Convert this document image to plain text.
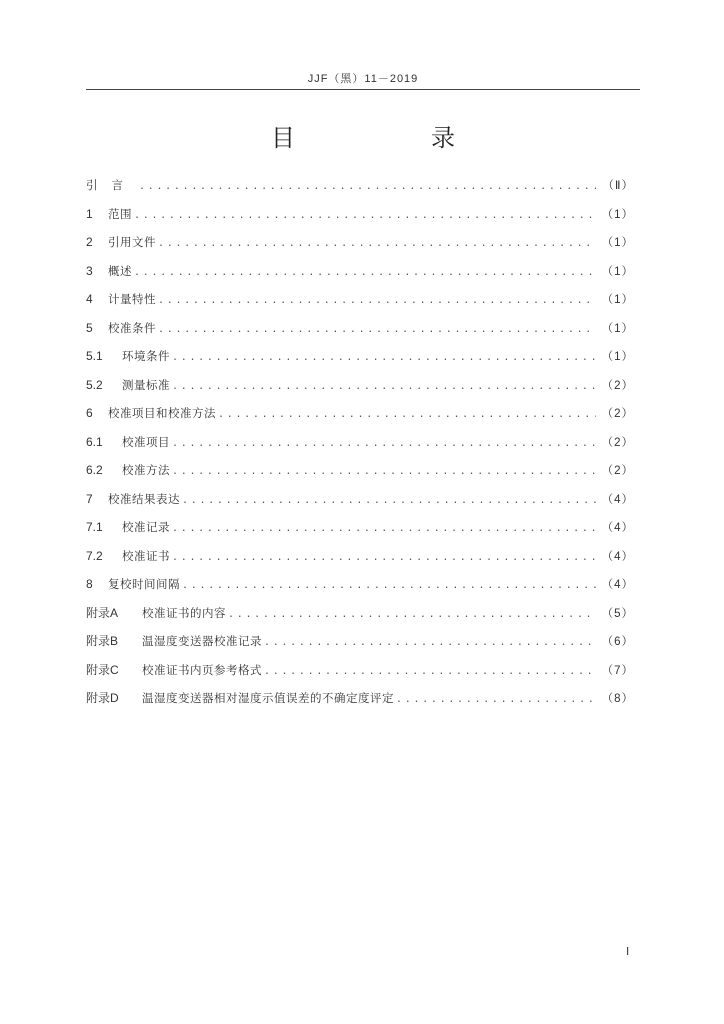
JJF（黑）11－2019
目　录
引言 .....	（Ⅱ）
1	范围 .....	（1）
2	引用文件 .....	（1）
3	概述 .....	（1）
4	计量特性 .....	（1）
5	校准条件 .....	（1）
5.1	环境条件 .....	（1）
5.2	测量标准 .....	（2）
6	校准项目和校准方法 .....	（2）
6.1	校准项目 .....	（2）
6.2	校准方法 .....	（2）
7	校准结果表达 .....	（4）
7.1	校准记录 .....	（4）
7.2	校准证书 .....	（4）
8	复校时间间隔 .....	（4）
附录A	校准证书的内容 .....	（5）
附录B	温湿度变送器校准记录 .....	（6）
附录C	校准证书内页参考格式 .....	（7）
附录D	温湿度变送器相对湿度示值误差的不确定度评定 .....	（8）
Ⅰ
